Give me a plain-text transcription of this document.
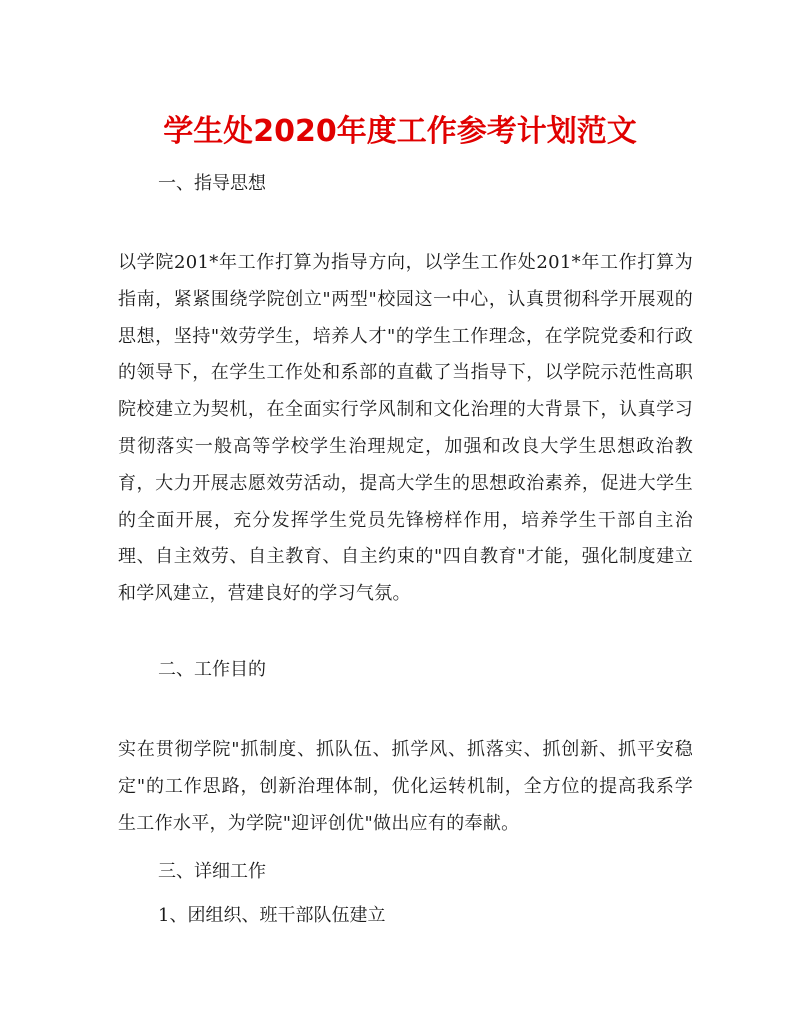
学生处2020年度工作参考计划范文

一、指导思想

以学院201*年工作打算为指导方向，以学生工作处201*年工作打算为指南，紧紧围绕学院创立"两型"校园这一中心，认真贯彻科学开展观的思想，坚持"效劳学生，培养人才"的学生工作理念，在学院党委和行政的领导下，在学生工作处和系部的直截了当指导下，以学院示范性高职院校建立为契机，在全面实行学风制和文化治理的大背景下，认真学习贯彻落实一般高等学校学生治理规定，加强和改良大学生思想政治教育，大力开展志愿效劳活动，提高大学生的思想政治素养，促进大学生的全面开展，充分发挥学生党员先锋榜样作用，培养学生干部自主治理、自主效劳、自主教育、自主约束的"四自教育"才能，强化制度建立和学风建立，营建良好的学习气氛。

二、工作目的

实在贯彻学院"抓制度、抓队伍、抓学风、抓落实、抓创新、抓平安稳定"的工作思路，创新治理体制，优化运转机制，全方位的提高我系学生工作水平，为学院"迎评创优"做出应有的奉献。

三、详细工作

1、团组织、班干部队伍建立
